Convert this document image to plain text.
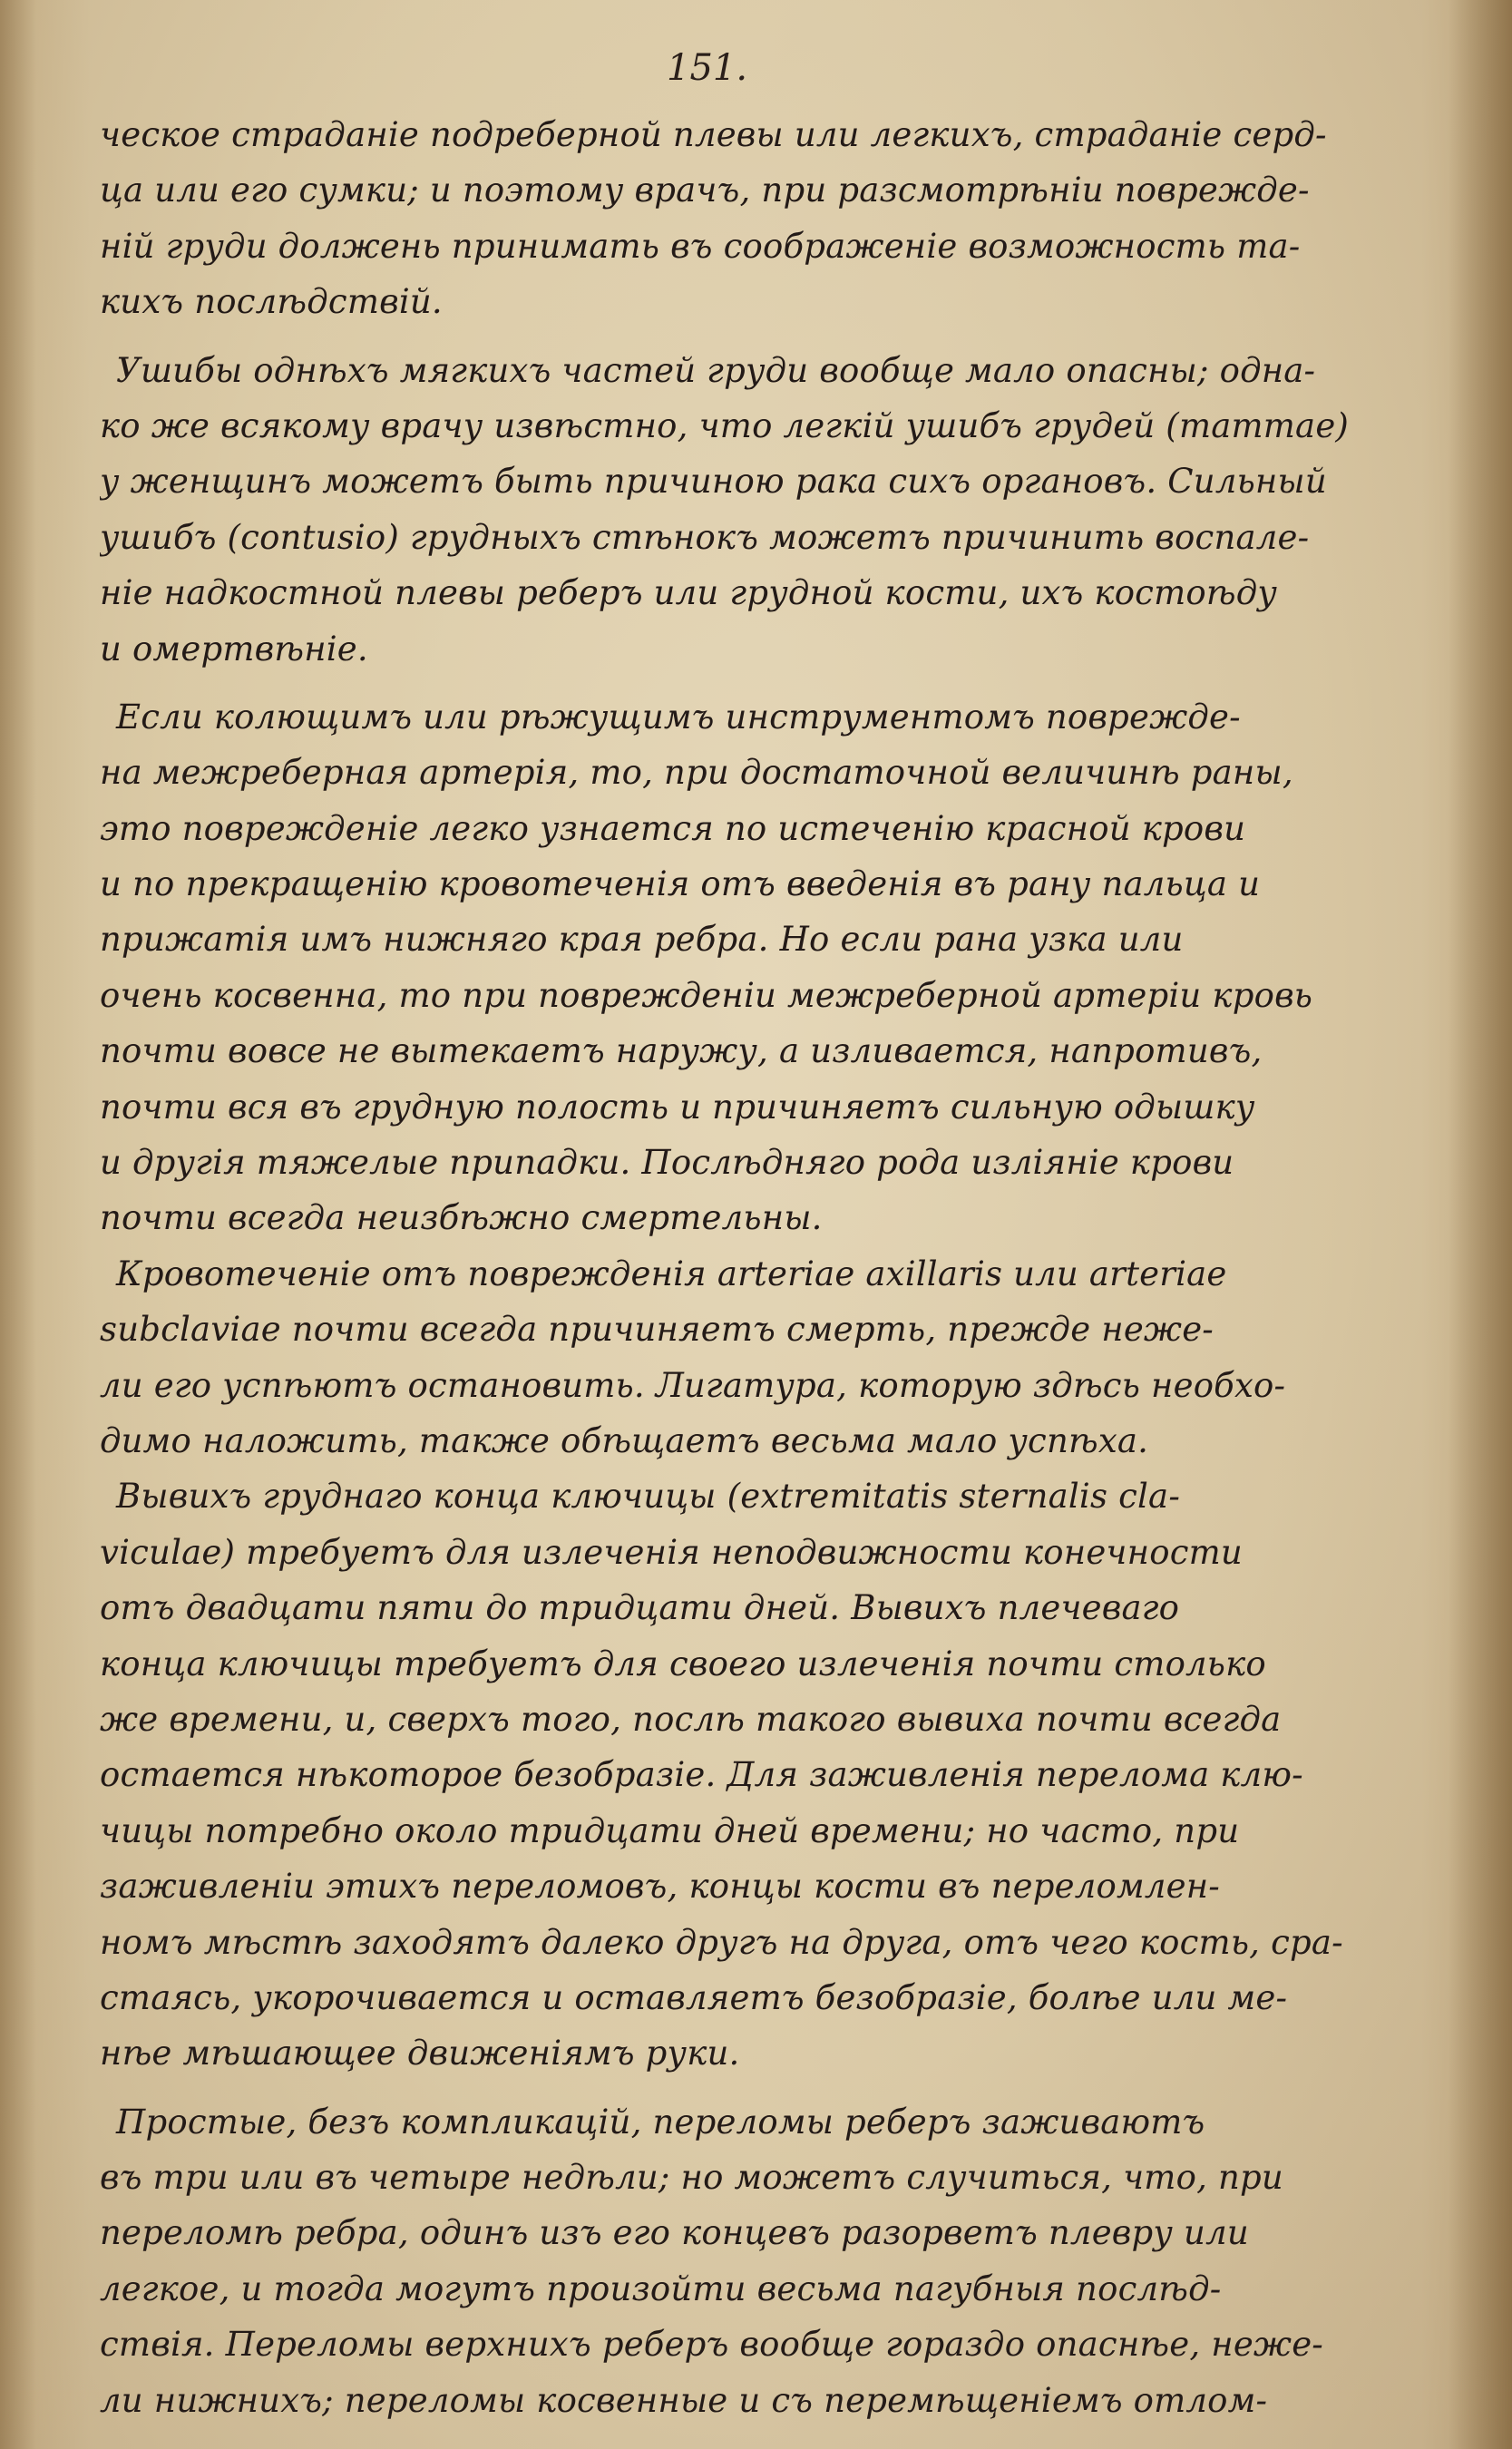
151.
ческое страданіе подреберной плевы или легкихъ, страданіе серд-
ца или его сумки; и поэтому врачъ, при разсмотрѣніи поврежде-
ній груди должень принимать въ соображеніе возможность та-
кихъ послѣдствій.
Ушибы однѣхъ мягкихъ частей груди вообще мало опасны; одна-
ко же всякому врачу извѣстно, что легкій ушибъ грудей (mammae)
у женщинъ можетъ быть причиною рака сихъ органовъ. Сильный
ушибъ (contusio) грудныхъ стѣнокъ можетъ причинить воспале-
ніе надкостной плевы реберъ или грудной кости, ихъ костоѣду
и омертвѣніе.
Если колющимъ или рѣжущимъ инструментомъ поврежде-
на межреберная артерія, то, при достаточной величинѣ раны,
это поврежденіе легко узнается по истеченію красной крови
и по прекращенію кровотеченія отъ введенія въ рану пальца и
прижатія имъ нижняго края ребра. Но если рана узка или
очень косвенна, то при поврежденіи межреберной артеріи кровь
почти вовсе не вытекаетъ наружу, а изливается, напротивъ,
почти вся въ грудную полость и причиняетъ сильную одышку
и другія тяжелые припадки. Послѣдняго рода изліяніе крови
почти всегда неизбѣжно смертельны.
Кровотеченіе отъ поврежденія arteriae axillaris или arteriae
subclaviae почти всегда причиняетъ смерть, прежде неже-
ли его успѣютъ остановить. Лигатура, которую здѣсь необхо-
димо наложить, также обѣщаетъ весьма мало успѣха.
Вывихъ груднаго конца ключицы (extremitatis sternalis cla-
viculae) требуетъ для излеченія неподвижности конечности
отъ двадцати пяти до тридцати дней. Вывихъ плечеваго
конца ключицы требуетъ для своего излеченія почти столько
же времени, и, сверхъ того, послѣ такого вывиха почти всегда
остается нѣкоторое безобразіе. Для заживленія перелома клю-
чицы потребно около тридцати дней времени; но часто, при
заживленіи этихъ переломовъ, концы кости въ переломлен-
номъ мѣстѣ заходятъ далеко другъ на друга, отъ чего кость, сра-
стаясь, укорочивается и оставляетъ безобразіе, болѣе или ме-
нѣе мѣшающее движеніямъ руки.
Простые, безъ компликацій, переломы реберъ заживаютъ
въ три или въ четыре недѣли; но можетъ случиться, что, при
переломѣ ребра, одинъ изъ его концевъ разорветъ плевру или
легкое, и тогда могутъ произойти весьма пагубныя послѣд-
ствія. Переломы верхнихъ реберъ вообще гораздо опаснѣе, неже-
ли нижнихъ; переломы косвенные и съ перемѣщеніемъ отлом-
